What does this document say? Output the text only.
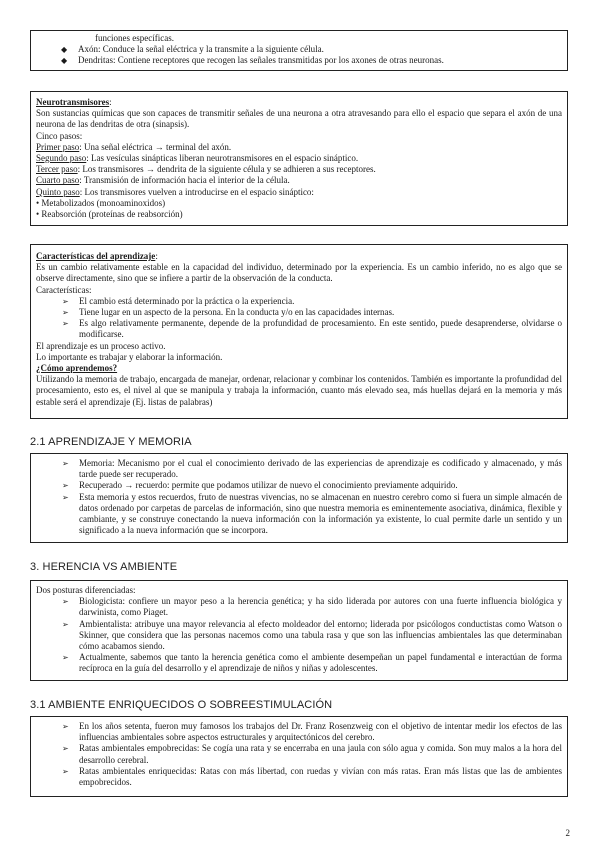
funciones específicas.

◆ Axón: Conduce la señal eléctrica y la transmite a la siguiente célula.
◆ Dendritas: Contiene receptores que recogen las señales transmitidas por los axones de otras neuronas.

Neurotransmisores:

Son sustancias químicas que son capaces de transmitir señales de una neurona a otra atravesando para ello el espacio que separa el axón de una neurona de las dendritas de otra (sinapsis).

Cinco pasos:

Primer paso: Una señal eléctrica → terminal del axón.

Segundo paso: Las vesículas sinápticas liberan neurotransmisores en el espacio sináptico.

Tercer paso: Los transmisores → dendrita de la siguiente célula y se adhieren a sus receptores.

Cuarto paso: Transmisión de información hacia el interior de la célula.

Quinto paso: Los transmisores vuelven a introducirse en el espacio sináptico:

• Metabolizados (monoaminoxidos)

• Reabsorción (proteínas de reabsorción)

Características del aprendizaje:

Es un cambio relativamente estable en la capacidad del individuo, determinado por la experiencia. Es un cambio inferido, no es algo que se observe directamente, sino que se infiere a partir de la observación de la conducta.

Características:

➢ El cambio está determinado por la práctica o la experiencia.
➢ Tiene lugar en un aspecto de la persona. En la conducta y/o en las capacidades internas.
➢ Es algo relativamente permanente, depende de la profundidad de procesamiento. En este sentido, puede desaprenderse, olvidarse o modificarse.

El aprendizaje es un proceso activo.

Lo importante es trabajar y elaborar la información.

¿Cómo aprendemos?

Utilizando la memoria de trabajo, encargada de manejar, ordenar, relacionar y combinar los contenidos. También es importante la profundidad del procesamiento, esto es, el nivel al que se manipula y trabaja la información, cuanto más elevado sea, más huellas dejará en la memoria y más estable será el aprendizaje (Ej. listas de palabras)

2.1 APRENDIZAJE Y MEMORIA
➢ Memoria: Mecanismo por el cual el conocimiento derivado de las experiencias de aprendizaje es codificado y almacenado, y más tarde puede ser recuperado.
➢ Recuperado → recuerdo: permite que podamos utilizar de nuevo el conocimiento previamente adquirido.
➢ Esta memoria y estos recuerdos, fruto de nuestras vivencias, no se almacenan en nuestro cerebro como si fuera un simple almacén de datos ordenado por carpetas de parcelas de información, sino que nuestra memoria es eminentemente asociativa, dinámica, flexible y cambiante, y se construye conectando la nueva información con la información ya existente, lo cual permite darle un sentido y un significado a la nueva información que se incorpora.
3. HERENCIA VS AMBIENTE

Dos posturas diferenciadas:

➢ Biologicista: confiere un mayor peso a la herencia genética; y ha sido liderada por autores con una fuerte influencia biológica y darwinista, como Piaget.
➢ Ambientalista: atribuye una mayor relevancia al efecto moldeador del entorno; liderada por psicólogos conductistas como Watson o Skinner, que considera que las personas nacemos como una tabula rasa y que son las influencias ambientales las que determinaban cómo acabamos siendo.
➢ Actualmente, sabemos que tanto la herencia genética como el ambiente desempeñan un papel fundamental e interactúan de forma recíproca en la guía del desarrollo y el aprendizaje de niños y niñas y adolescentes.
3.1 AMBIENTE ENRIQUECIDOS O SOBREESTIMULACIÓN
➢ En los años setenta, fueron muy famosos los trabajos del Dr. Franz Rosenzweig con el objetivo de intentar medir los efectos de las influencias ambientales sobre aspectos estructurales y arquitectónicos del cerebro.
➢ Ratas ambientales empobrecidas: Se cogía una rata y se encerraba en una jaula con sólo agua y comida. Son muy malos a la hora del desarrollo cerebral.
➢ Ratas ambientales enriquecidas: Ratas con más libertad, con ruedas y vivían con más ratas. Eran más listas que las de ambientes empobrecidos.
2
